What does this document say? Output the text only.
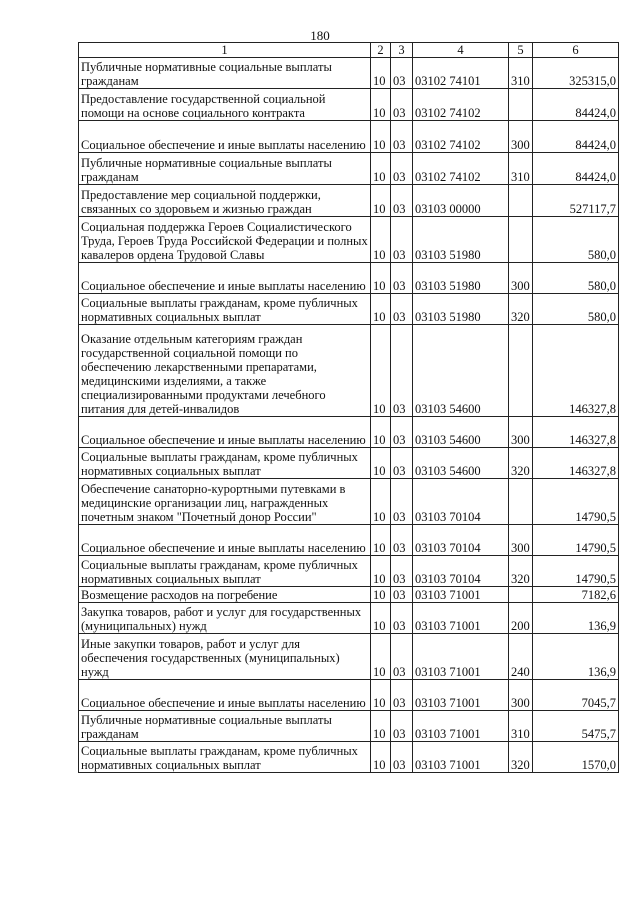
180
1	2	3	4	5	6
Публичные нормативные социальные выплаты гражданам	10	03	03102 74101	310	325315,0
Предоставление государственной социальной помощи на основе социального контракта	10	03	03102 74102		84424,0
Социальное обеспечение и иные выплаты населению	10	03	03102 74102	300	84424,0
Публичные нормативные социальные выплаты гражданам	10	03	03102 74102	310	84424,0
Предоставление мер социальной поддержки, связанных со здоровьем и жизнью граждан	10	03	03103 00000		527117,7
Социальная поддержка Героев Социалистического Труда, Героев Труда Российской Федерации и полных кавалеров ордена Трудовой Славы	10	03	03103 51980		580,0
Социальное обеспечение и иные выплаты населению	10	03	03103 51980	300	580,0
Социальные выплаты гражданам, кроме публичных нормативных социальных выплат	10	03	03103 51980	320	580,0
Оказание отдельным категориям граждан государственной социальной помощи по обеспечению лекарственными препаратами, медицинскими изделиями, а также специализированными продуктами лечебного питания для детей-инвалидов	10	03	03103 54600		146327,8
Социальное обеспечение и иные выплаты населению	10	03	03103 54600	300	146327,8
Социальные выплаты гражданам, кроме публичных нормативных социальных выплат	10	03	03103 54600	320	146327,8
Обеспечение санаторно-курортными путевками в медицинские организации лиц, награжденных почетным знаком "Почетный донор России"	10	03	03103 70104		14790,5
Социальное обеспечение и иные выплаты населению	10	03	03103 70104	300	14790,5
Социальные выплаты гражданам, кроме публичных нормативных социальных выплат	10	03	03103 70104	320	14790,5
Возмещение расходов на погребение	10	03	03103 71001		7182,6
Закупка товаров, работ и услуг для государственных (муниципальных) нужд	10	03	03103 71001	200	136,9
Иные закупки товаров, работ и услуг для обеспечения государственных (муниципальных) нужд	10	03	03103 71001	240	136,9
Социальное обеспечение и иные выплаты населению	10	03	03103 71001	300	7045,7
Публичные нормативные социальные выплаты гражданам	10	03	03103 71001	310	5475,7
Социальные выплаты гражданам, кроме публичных нормативных социальных выплат	10	03	03103 71001	320	1570,0
